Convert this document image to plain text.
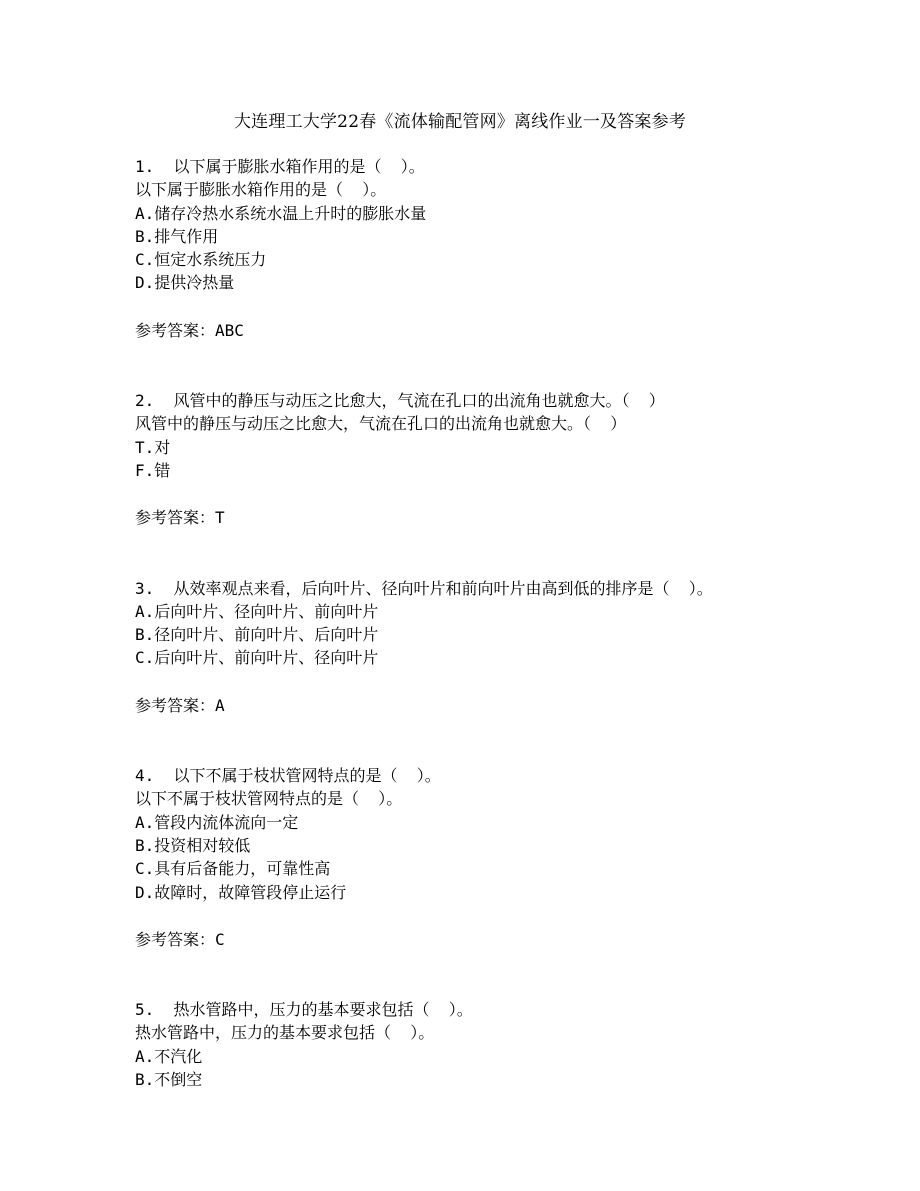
大连理工大学22春《流体输配管网》离线作业一及答案参考
1. 以下属于膨胀水箱作用的是（  ）。
以下属于膨胀水箱作用的是（  ）。
A.储存冷热水系统水温上升时的膨胀水量
B.排气作用
C.恒定水系统压力
D.提供冷热量
参考答案：ABC
2. 风管中的静压与动压之比愈大，气流在孔口的出流角也就愈大。（  ）
风管中的静压与动压之比愈大，气流在孔口的出流角也就愈大。（  ）
T.对
F.错
参考答案：T
3. 从效率观点来看，后向叶片、径向叶片和前向叶片由高到低的排序是（  ）。
A.后向叶片、径向叶片、前向叶片
B.径向叶片、前向叶片、后向叶片
C.后向叶片、前向叶片、径向叶片
参考答案：A
4. 以下不属于枝状管网特点的是（  ）。
以下不属于枝状管网特点的是（  ）。
A.管段内流体流向一定
B.投资相对较低
C.具有后备能力，可靠性高
D.故障时，故障管段停止运行
参考答案：C
5. 热水管路中，压力的基本要求包括（  ）。
热水管路中，压力的基本要求包括（  ）。
A.不汽化
B.不倒空
